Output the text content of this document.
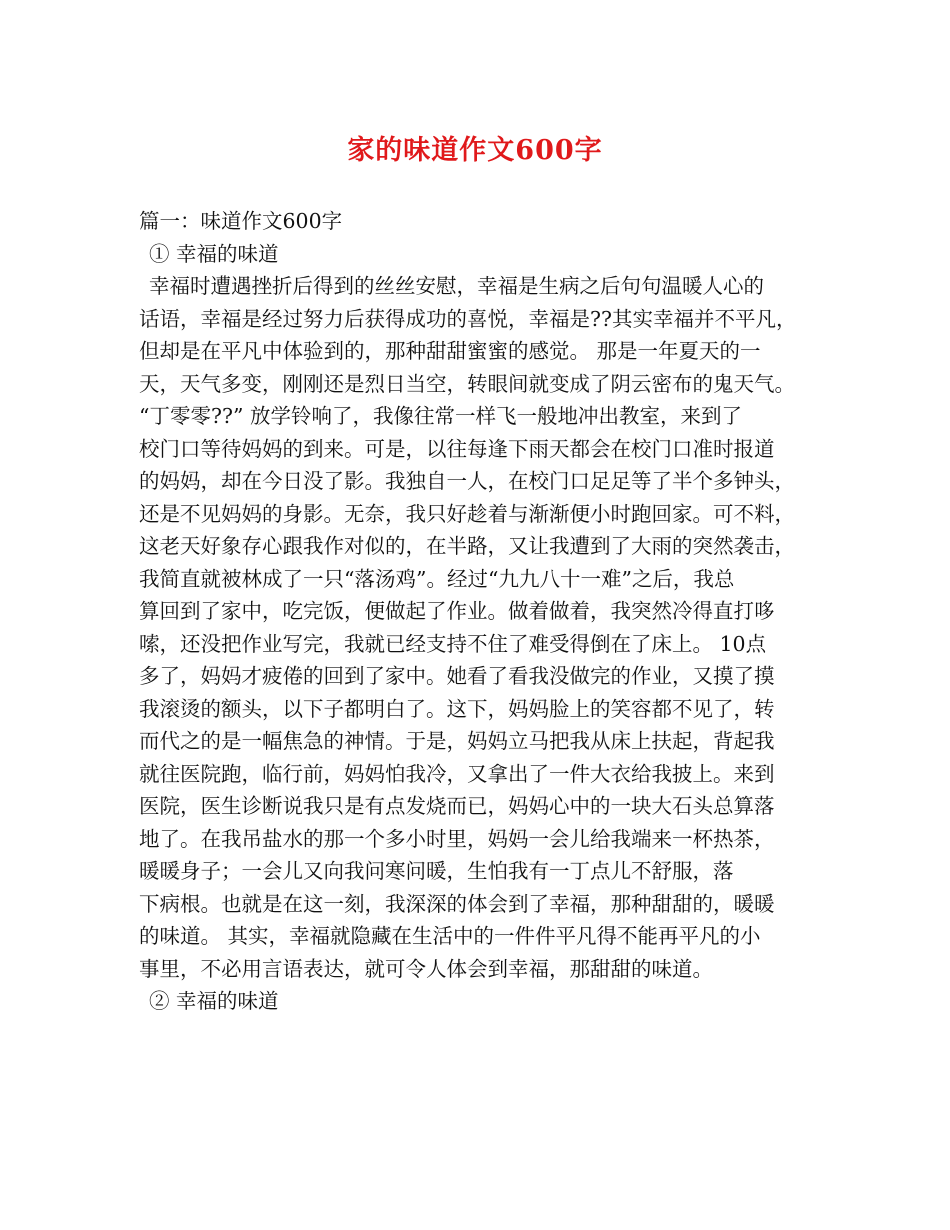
家的味道作文600字
篇一：味道作文600字
① 幸福的味道
幸福时遭遇挫折后得到的丝丝安慰，幸福是生病之后句句温暖人心的
话语，幸福是经过努力后获得成功的喜悦，幸福是??其实幸福并不平凡，
但却是在平凡中体验到的，那种甜甜蜜蜜的感觉。 那是一年夏天的一
天，天气多变，刚刚还是烈日当空，转眼间就变成了阴云密布的鬼天气。
“丁零零??” 放学铃响了，我像往常一样飞一般地冲出教室，来到了
校门口等待妈妈的到来。可是，以往每逢下雨天都会在校门口准时报道
的妈妈，却在今日没了影。我独自一人，在校门口足足等了半个多钟头，
还是不见妈妈的身影。无奈，我只好趁着与渐渐便小时跑回家。可不料，
这老天好象存心跟我作对似的，在半路，又让我遭到了大雨的突然袭击，
我简直就被林成了一只“落汤鸡”。经过“九九八十一难”之后，我总
算回到了家中，吃完饭，便做起了作业。做着做着，我突然冷得直打哆
嗦，还没把作业写完，我就已经支持不住了难受得倒在了床上。 10点
多了，妈妈才疲倦的回到了家中。她看了看我没做完的作业，又摸了摸
我滚烫的额头，以下子都明白了。这下，妈妈脸上的笑容都不见了，转
而代之的是一幅焦急的神情。于是，妈妈立马把我从床上扶起，背起我
就往医院跑，临行前，妈妈怕我冷，又拿出了一件大衣给我披上。来到
医院，医生诊断说我只是有点发烧而已，妈妈心中的一块大石头总算落
地了。在我吊盐水的那一个多小时里，妈妈一会儿给我端来一杯热茶，
暖暖身子；一会儿又向我问寒问暖，生怕我有一丁点儿不舒服，落
下病根。也就是在这一刻，我深深的体会到了幸福，那种甜甜的，暖暖
的味道。 其实，幸福就隐藏在生活中的一件件平凡得不能再平凡的小
事里，不必用言语表达，就可令人体会到幸福，那甜甜的味道。
② 幸福的味道
